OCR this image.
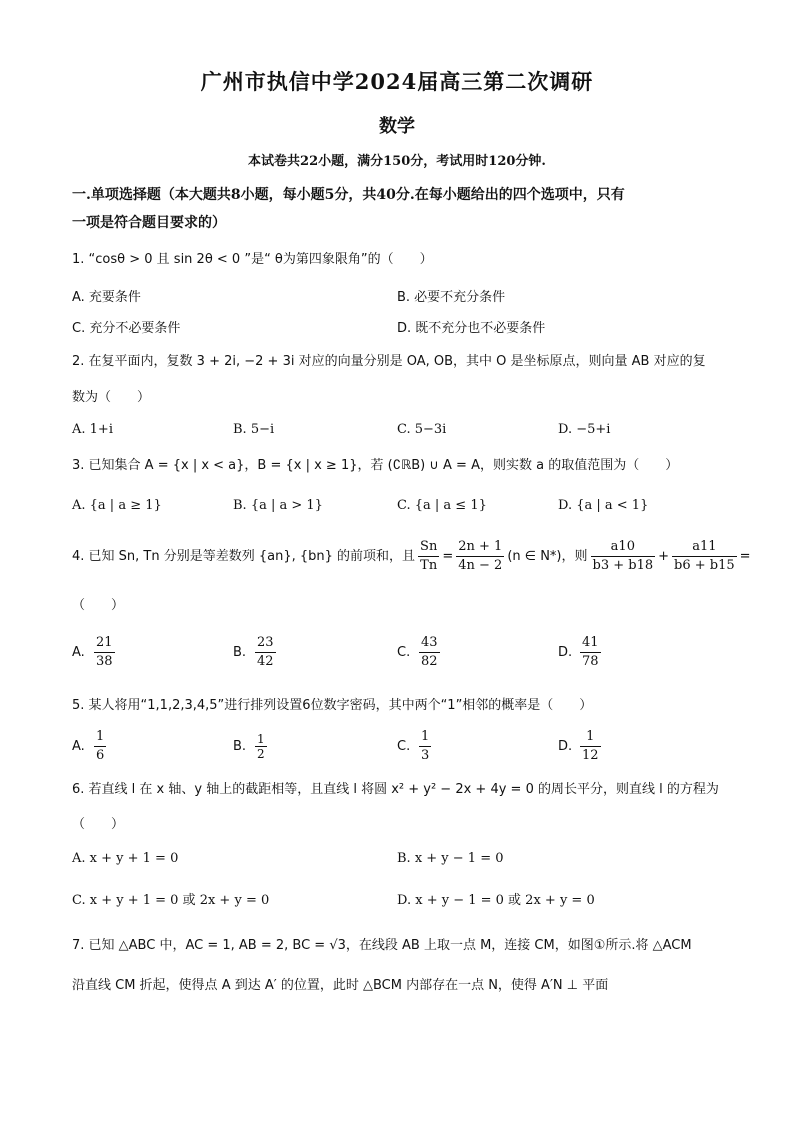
广州市执信中学2024届高三第二次调研
数学
本试卷共22小题，满分150分，考试用时120分钟.
一.单项选择题（本大题共8小题，每小题5分，共40分.在每小题给出的四个选项中，只有
一项是符合题目要求的）
1. “cosθ > 0 且 sin 2θ < 0 ”是“ θ为第四象限角”的（　　）
A. 充要条件	B. 必要不充分条件
C. 充分不必要条件	D. 既不充分也不必要条件
2. 在复平面内，复数 3 + 2i, −2 + 3i 对应的向量分别是 OA, OB，其中 O 是坐标原点，则向量 AB 对应的复
数为（　　）
A. 1+i	B. 5−i	C. 5−3i	D. −5+i
3. 已知集合 A = {x | x < a}，B = {x | x ≥ 1}，若 (∁ℝB) ∪ A = A，则实数 a 的取值范围为（　　）
A. {a | a ≥ 1}	B. {a | a > 1}	C. {a | a ≤ 1}	D. {a | a < 1}
4. 已知 Sn, Tn 分别是等差数列 {an}, {bn} 的前项和，且 $\frac{Sn}{Tn} = \frac{2n + 1}{4n - 2} (n$ ∈ N*)，则 $\frac{a10}{b3 + b18} + \frac{a11}{b6 + b15}$ =
（　　）
A. $\frac{21}{38}$	B. $\frac{23}{42}$	C. $\frac{43}{82}$	D. $\frac{41}{78}$
5. 某人将用“1,1,2,3,4,5”进行排列设置6位数字密码，其中两个“1”相邻的概率是（　　）
A. $\frac{1}{6}$	B. $\frac{1}{2}$	C. $\frac{1}{3}$	D. $\frac{1}{12}$
6. 若直线 l 在 x 轴、y 轴上的截距相等，且直线 l 将圆 x² + y² − 2x + 4y = 0 的周长平分，则直线 l 的方程为
（　　）
A. x + y + 1 = 0	B. x + y − 1 = 0
C. x + y + 1 = 0 或 2x + y = 0	D. x + y − 1 = 0 或 2x + y = 0
7. 已知 △ABC 中，AC = 1, AB = 2, BC = √3，在线段 AB 上取一点 M，连接 CM，如图①所示.将 △ACM
沿直线 CM 折起，使得点 A 到达 A′ 的位置，此时 △BCM 内部存在一点 N，使得 A′N ⊥ 平面
